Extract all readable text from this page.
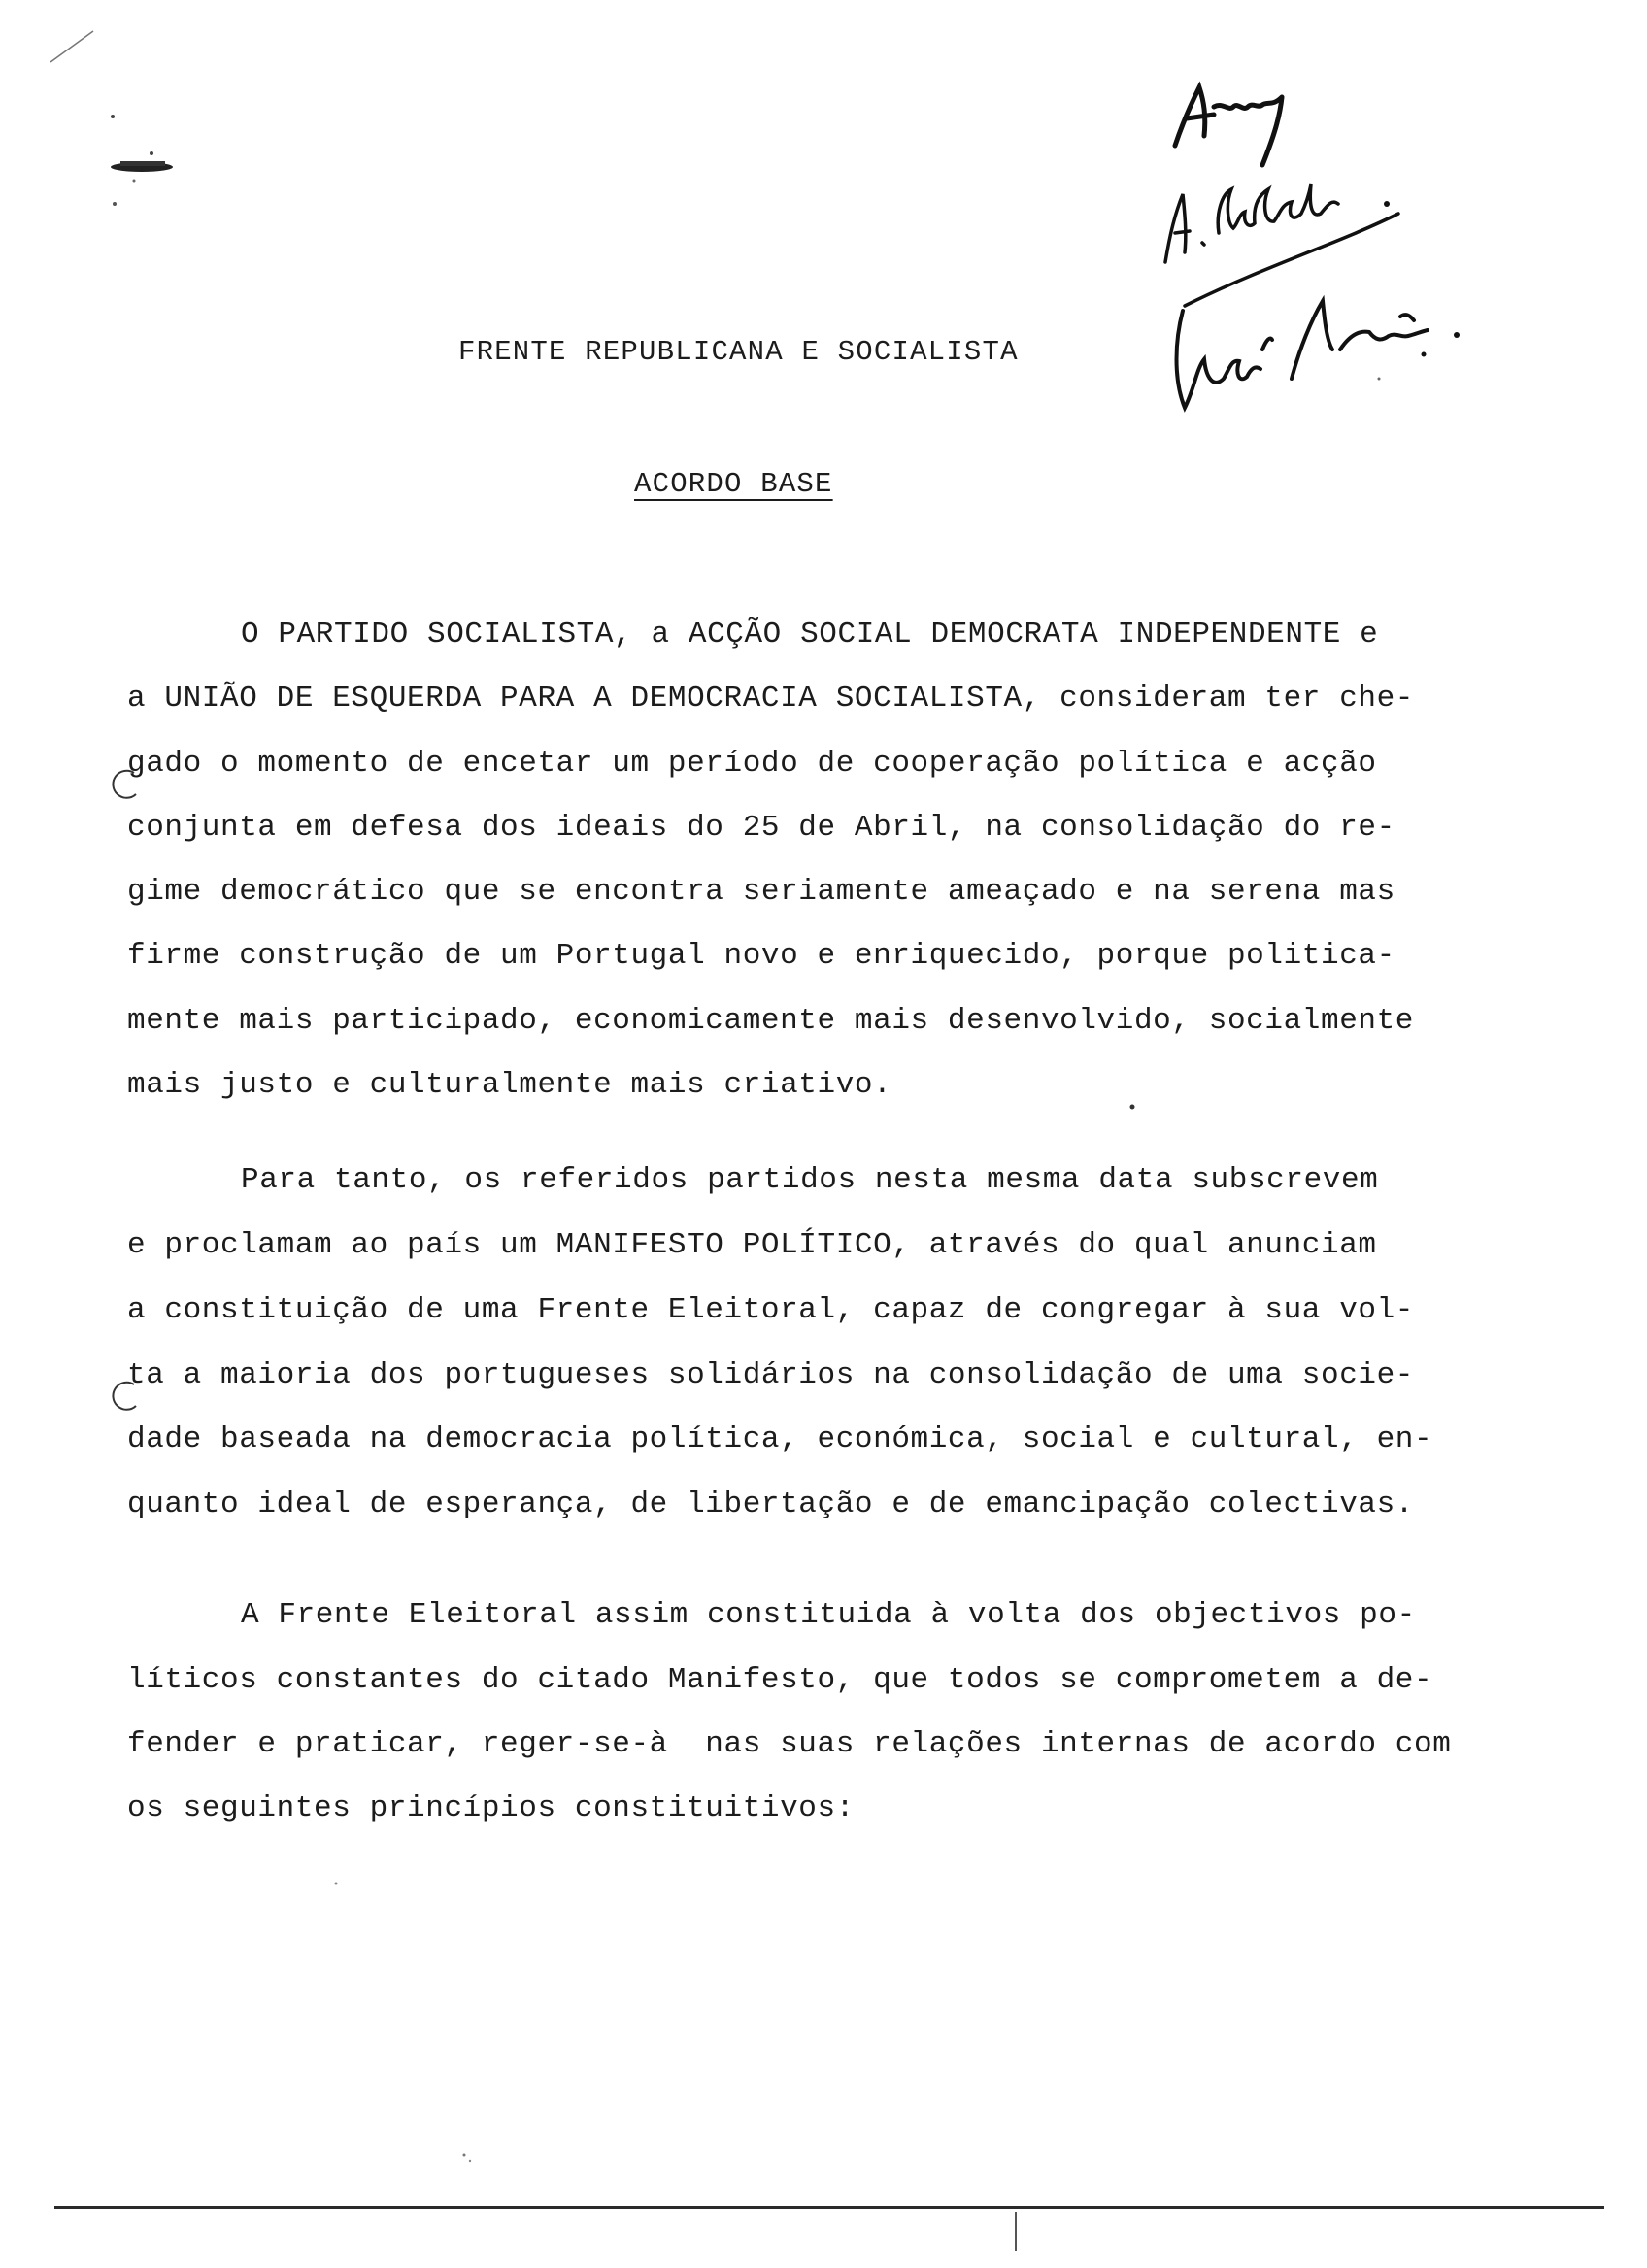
FRENTE REPUBLICANA E SOCIALISTA
ACORDO BASE
O PARTIDO SOCIALISTA, a ACÇÃO SOCIAL DEMOCRATA INDEPENDENTE e
a UNIÃO DE ESQUERDA PARA A DEMOCRACIA SOCIALISTA, consideram ter che-
gado o momento de encetar um período de cooperação política e acção
conjunta em defesa dos ideais do 25 de Abril, na consolidação do re-
gime democrático que se encontra seriamente ameaçado e na serena mas
firme construção de um Portugal novo e enriquecido, porque politica-
mente mais participado, economicamente mais desenvolvido, socialmente
mais justo e culturalmente mais criativo.
Para tanto, os referidos partidos nesta mesma data subscrevem
e proclamam ao país um MANIFESTO POLÍTICO, através do qual anunciam
a constituição de uma Frente Eleitoral, capaz de congregar à sua vol-
ta a maioria dos portugueses solidários na consolidação de uma socie-
dade baseada na democracia política, económica, social e cultural, en-
quanto ideal de esperança, de libertação e de emancipação colectivas.
A Frente Eleitoral assim constituida à volta dos objectivos po-
líticos constantes do citado Manifesto, que todos se comprometem a de-
fender e praticar, reger-se-à  nas suas relações internas de acordo com
os seguintes princípios constituitivos:
